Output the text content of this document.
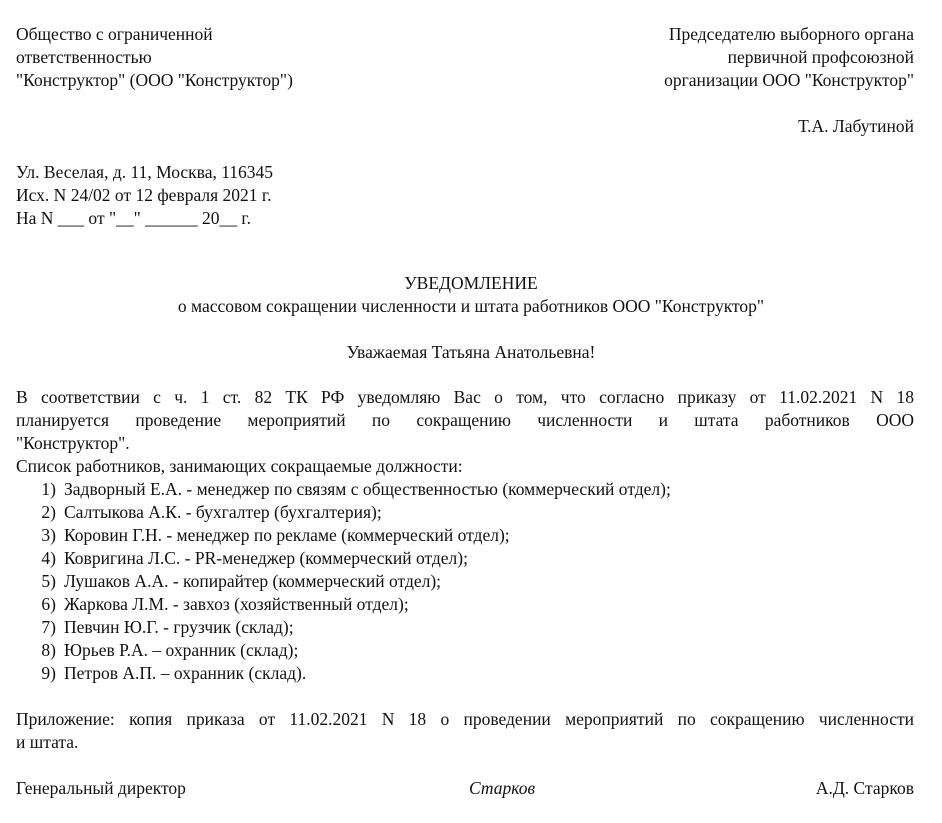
Общество с ограниченной
ответственностью
"Конструктор" (ООО "Конструктор")
Председателю выборного органа
первичной профсоюзной
организации ООО "Конструктор"
Т.А. Лабутиной
Ул. Веселая, д. 11, Москва, 116345
Исх. N 24/02 от 12 февраля 2021 г.
На N ___ от "__" ______ 20__ г.
УВЕДОМЛЕНИЕ
о массовом сокращении численности и штата работников ООО "Конструктор"
Уважаемая Татьяна Анатольевна!
В соответствии с ч. 1 ст. 82 ТК РФ уведомляю Вас о том, что согласно приказу от 11.02.2021 N 18
планируется проведение мероприятий по сокращению численности и штата работников ООО
"Конструктор".
Список работников, занимающих сокращаемые должности:
1) Задворный Е.А. - менеджер по связям с общественностью (коммерческий отдел);
2) Салтыкова А.К. - бухгалтер (бухгалтерия);
3) Коровин Г.Н. - менеджер по рекламе (коммерческий отдел);
4) Ковригина Л.С. - PR-менеджер (коммерческий отдел);
5) Лушаков А.А. - копирайтер (коммерческий отдел);
6) Жаркова Л.М. - завхоз (хозяйственный отдел);
7) Певчин Ю.Г. - грузчик (склад);
8) Юрьев Р.А. – охранник (склад);
9) Петров А.П. – охранник (склад).
Приложение: копия приказа от 11.02.2021 N 18 о проведении мероприятий по сокращению численности
и штата.
Генеральный директор	Старков	А.Д. Старков
